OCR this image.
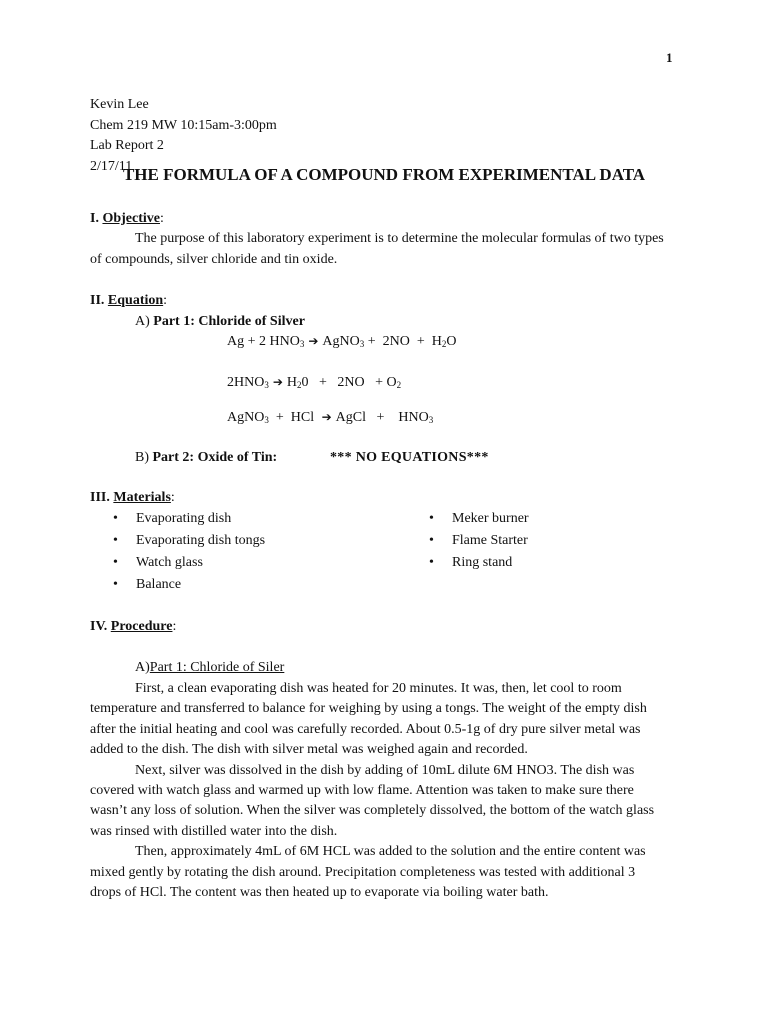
1
Kevin Lee
Chem 219 MW 10:15am-3:00pm
Lab Report 2
2/17/11
THE FORMULA OF A COMPOUND FROM EXPERIMENTAL DATA
I. Objective:
The purpose of this laboratory experiment is to determine the molecular formulas of two types of compounds, silver chloride and tin oxide.
II. Equation:
A) Part 1: Chloride of Silver
Ag + 2 $HNO_3$ ➔ AgNO$_3$ +  $2NO + H_2O$
$2HNO_3$ ➔ $H_20 + 2NO + O_2$
AgNO$_3$  +  HCl ➔ AgCl   +    $HNO_3$
B) Part 2: Oxide of Tin:	*** NO EQUATIONS***
III. Materials:
• Evaporating dish
• Evaporating dish tongs
• Watch glass
• Balance
• Meker burner
• Flame Starter
• Ring stand
IV. Procedure:
A)Part 1: Chloride of Siler

First, a clean evaporating dish was heated for 20 minutes. It was, then, let cool to room temperature and transferred to balance for weighing by using a tongs. The weight of the empty dish after the initial heating and cool was carefully recorded. About 0.5-1g of dry pure silver metal was added to the dish. The dish with silver metal was weighed again and recorded.

Next, silver was dissolved in the dish by adding of 10mL dilute 6M HNO3. The dish was covered with watch glass and warmed up with low flame. Attention was taken to make sure there wasn’t any loss of solution. When the silver was completely dissolved, the bottom of the watch glass was rinsed with distilled water into the dish.

Then, approximately 4mL of 6M HCL was added to the solution and the entire content was mixed gently by rotating the dish around. Precipitation completeness was tested with additional 3 drops of HCl. The content was then heated up to evaporate via boiling water bath.
